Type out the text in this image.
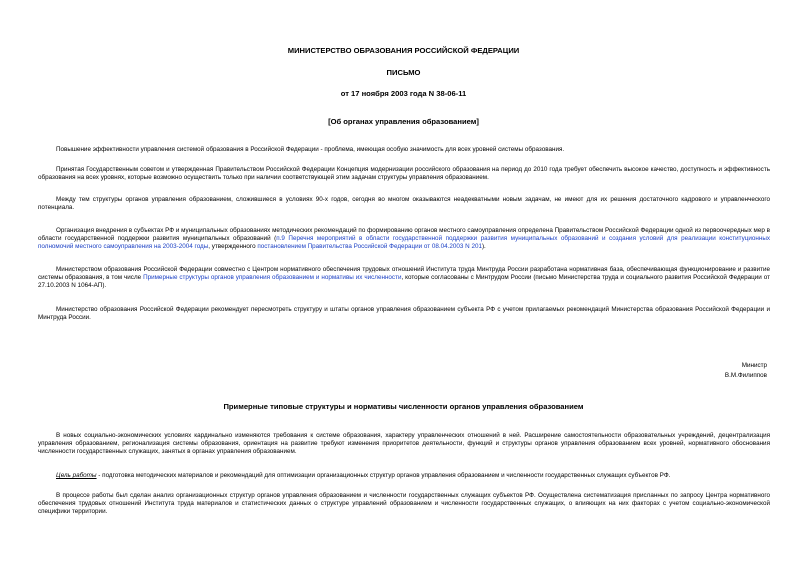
МИНИСТЕРСТВО ОБРАЗОВАНИЯ РОССИЙСКОЙ ФЕДЕРАЦИИ
ПИСЬМО
от 17 ноября 2003 года N 38-06-11
[Об органах управления образованием]

Повышение эффективности управления системой образования в Российской Федерации - проблема, имеющая особую значимость для всех уровней системы образования.

Принятая Государственным советом и утвержденная Правительством Российской Федерации Концепция модернизации российского образования на период до 2010 года требует обеспечить высокое качество, доступность и эффективность образования на всех уровнях, которые возможно осуществить только при наличии соответствующей этим задачам структуры управления образованием.

Между тем структуры органов управления образованием, сложившиеся в условиях 90-х годов, сегодня во многом оказываются неадекватными новым задачам, не имеют для их решения достаточного кадрового и управленческого потенциала.

Организация внедрения в субъектах РФ и муниципальных образованиях методических рекомендаций по формированию органов местного самоуправления определена Правительством Российской Федерации одной из первоочередных мер в области государственной поддержки развития муниципальных образований (п.9 Перечня мероприятий в области государственной поддержки развития муниципальных образований и создания условий для реализации конституционных полномочий местного самоуправления на 2003-2004 годы, утвержденного постановлением Правительства Российской Федерации от 08.04.2003 N 201).

Министерством образования Российской Федерации совместно с Центром нормативного обеспечения трудовых отношений Института труда Минтруда России разработана нормативная база, обеспечивающая функционирование и развитие системы образования, в том числе Примерные структуры органов управления образованием и нормативы их численности, которые согласованы с Минтрудом России (письмо Министерства труда и социального развития Российской Федерации от 27.10.2003 N 1064-АП).

Министерство образования Российской Федерации рекомендует пересмотреть структуру и штаты органов управления образованием субъекта РФ с учетом прилагаемых рекомендаций Министерства образования Российской Федерации и Минтруда России.

Министр
В.М.Филиппов
Примерные типовые структуры и нормативы численности органов управления образованием

В новых социально-экономических условиях кардинально изменяются требования к системе образования, характеру управленческих отношений в ней. Расширение самостоятельности образовательных учреждений, децентрализация управления образованием, регионализация системы образования, ориентация на развитие требуют изменения приоритетов деятельности, функций и структуры органов управления образованием всех уровней, нормативного обоснования численности государственных служащих, занятых в органах управления образованием.

Цель работы - подготовка методических материалов и рекомендаций для оптимизации организационных структур органов управления образованием и численности государственных служащих субъектов РФ.

В процессе работы был сделан анализ организационных структур органов управления образованием и численности государственных служащих субъектов РФ. Осуществлена систематизация присланных по запросу Центра нормативного обеспечения трудовых отношений Института труда материалов и статистических данных о структуре управлений образованием и численности государственных служащих, о влияющих на них факторах с учетом социально-экономической специфики территории.
